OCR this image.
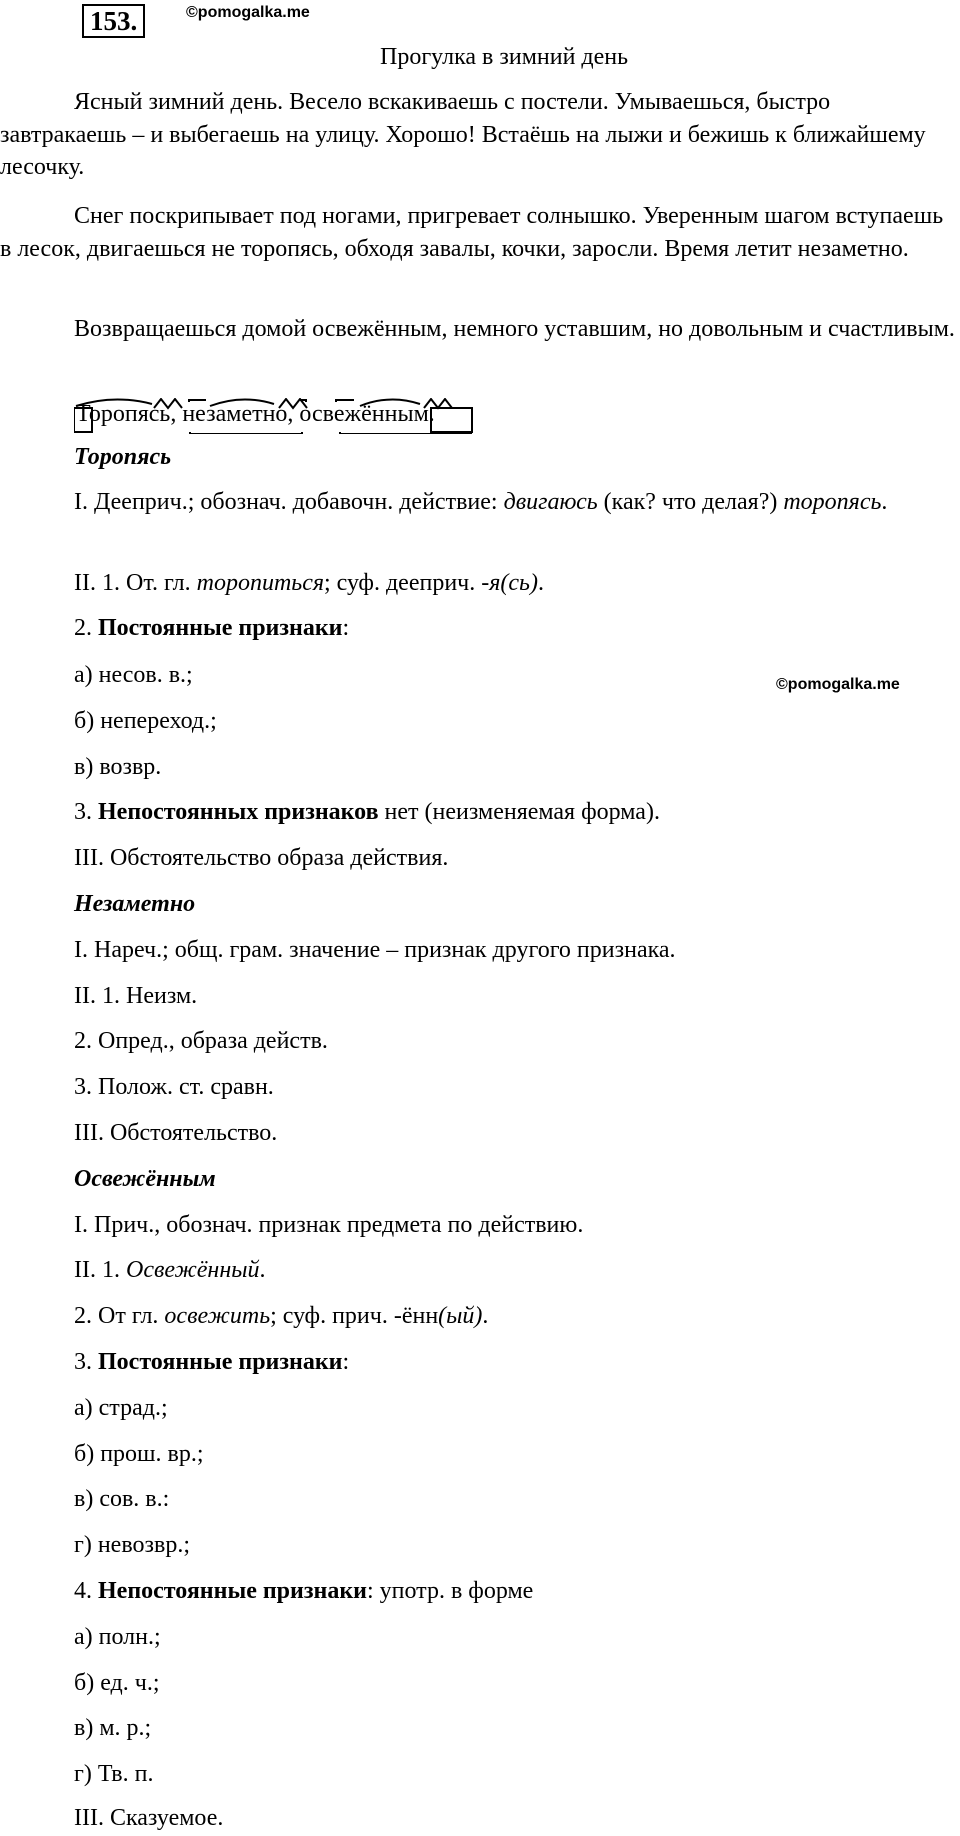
153.	©pomogalka.me
Прогулка в зимний день

Ясный зимний день. Весело вскакиваешь с постели. Умываешься, быстро завтракаешь – и выбегаешь на улицу. Хорошо! Встаёшь на лыжи и бежишь к ближайшему лесочку.

Снег поскрипывает под ногами, пригревает солнышко. Уверенным шагом вступаешь в лесок, двигаешься не торопясь, обходя завалы, кочки, заросли. Время летит незаметно.

Возвращаешься домой освежённым, немного уставшим, но довольным и счастливым.

Торопясь, незаметно, освежённым.
Торопясь

I. Дееприч.; обознач. добавочн. действие: двигаюсь (как? что делая?) торопясь.

II. 1. От. гл. торопиться; суф. деeприч. -я(сь).
2. Постоянные признаки:
а) несов. в.;	©pomogalka.me
б) непереход.;
в) возвр.
3. Непостоянных признаков нет (неизменяемая форма).
III. Обстоятельство образа действия.
Незаметно
I. Нареч.; общ. грам. значение – признак другого признака.
II. 1. Неизм.
2. Опред., образа действ.
3. Полож. ст. сравн.
III. Обстоятельство.
Освежённым
I. Прич., обознач. признак предмета по действию.
II. 1. Освежённый.
2. От гл. освежить; суф. прич. -ённ(ый).
3. Постоянные признаки:
а) страд.;
б) прош. вр.;
в) сов. в.:
г) невозвр.;
4. Непостоянные признаки: употр. в форме
а) полн.;
б) ед. ч.;
в) м. р.;
г) Тв. п.
III. Сказуемое.
